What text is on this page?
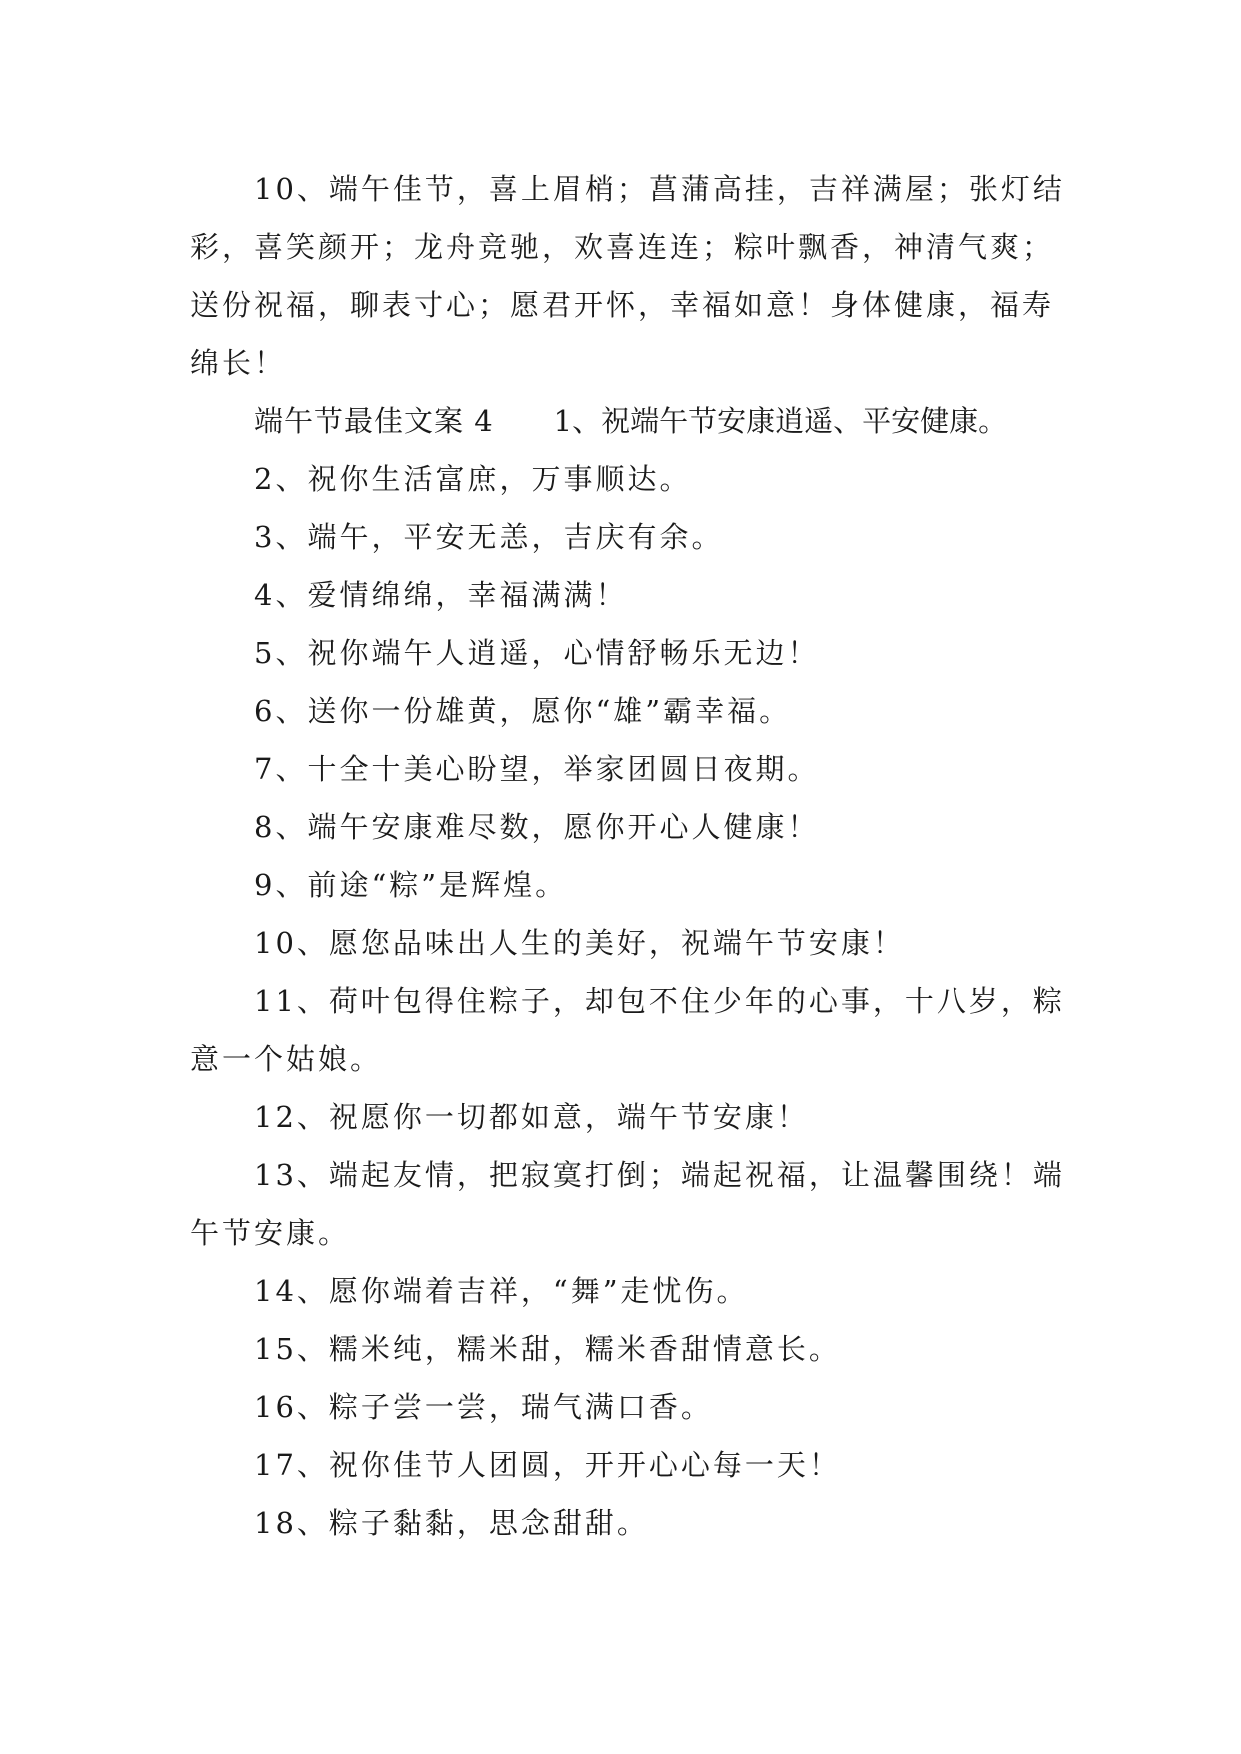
10、端午佳节，喜上眉梢；菖蒲高挂，吉祥满屋；张灯结彩，喜笑颜开；龙舟竞驰，欢喜连连；粽叶飘香，神清气爽；送份祝福，聊表寸心；愿君开怀，幸福如意！身体健康，福寿绵长！

端午节最佳文案 4 1、祝端午节安康逍遥、平安健康。

2、祝你生活富庶，万事顺达。

3、端午，平安无恙，吉庆有余。

4、爱情绵绵，幸福满满！

5、祝你端午人逍遥，心情舒畅乐无边！

6、送你一份雄黄，愿你“雄”霸幸福。

7、十全十美心盼望，举家团圆日夜期。

8、端午安康难尽数，愿你开心人健康！

9、前途“粽”是辉煌。

10、愿您品味出人生的美好，祝端午节安康！

11、荷叶包得住粽子，却包不住少年的心事，十八岁，粽意一个姑娘。

12、祝愿你一切都如意，端午节安康！

13、端起友情，把寂寞打倒；端起祝福，让温馨围绕！端午节安康。

14、愿你端着吉祥，“舞”走忧伤。

15、糯米纯，糯米甜，糯米香甜情意长。

16、粽子尝一尝，瑞气满口香。

17、祝你佳节人团圆，开开心心每一天！

18、粽子黏黏，思念甜甜。
